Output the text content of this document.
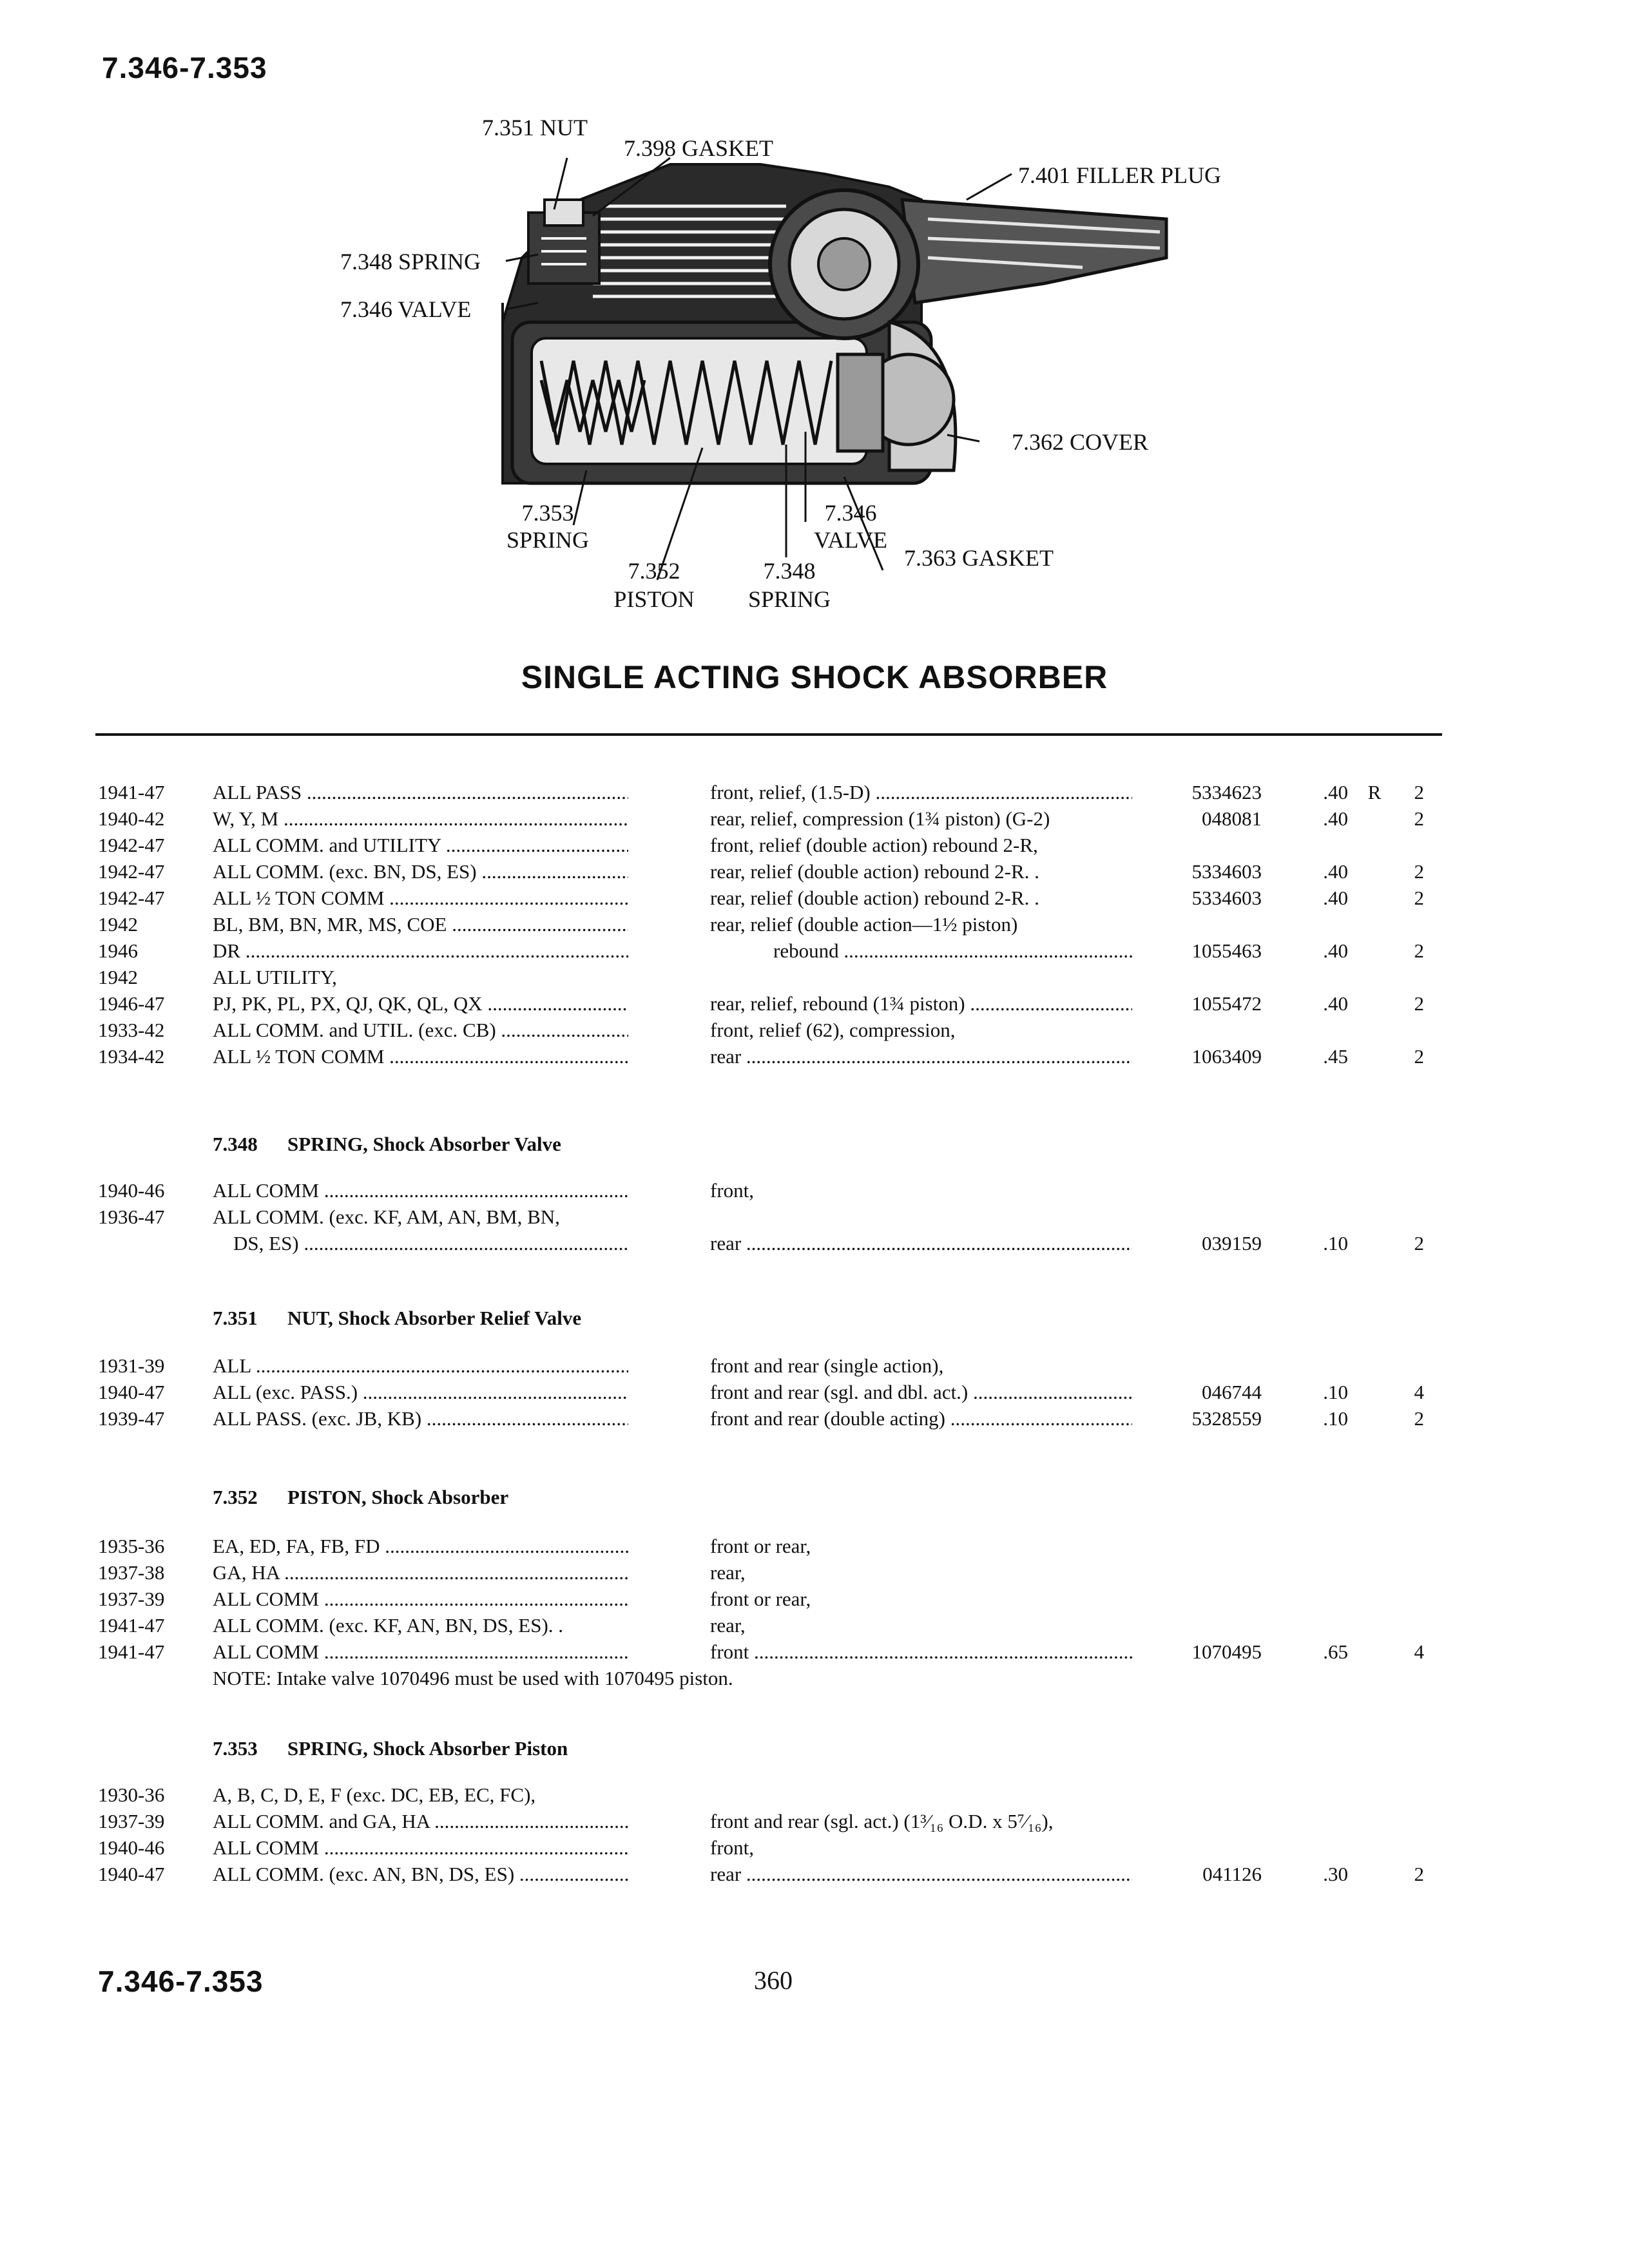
7.346-7.353
7.351 NUT
7.398 GASKET
7.401 FILLER PLUG
7.348 SPRING
7.346 VALVE
7.362 COVER
7.353
SPRING
7.346
VALVE
7.352
PISTON
7.348
SPRING
7.363 GASKET
SINGLE ACTING SHOCK ABSORBER
1941-47	ALL PASS .....	front, relief, (1.5-D) .....	5334623	.40 R	2
1940-42	W, Y, M .....	rear, relief, compression (1¾ piston) (G-2)	048081	.40	2
1942-47	ALL COMM. and UTILITY .....	front, relief (double action) rebound 2-R,
1942-47	ALL COMM. (exc. BN, DS, ES) .....	rear, relief (double action) rebound 2-R. .	5334603	.40	2
1942-47	ALL ½ TON COMM .....	rear, relief (double action) rebound 2-R. .	5334603	.40	2
1942	BL, BM, BN, MR, MS, COE .....	rear, relief (double action—1½ piston)
1946	DR .....	rebound .....	1055463	.40	2
1942	ALL UTILITY,
1946-47	PJ, PK, PL, PX, QJ, QK, QL, QX .....	rear, relief, rebound (1¾ piston) .....	1055472	.40	2
1933-42	ALL COMM. and UTIL. (exc. CB) .....	front, relief (62), compression,
1934-42	ALL ½ TON COMM .....	rear .....	1063409	.45	2
7.348 SPRING, Shock Absorber Valve
1940-46	ALL COMM .....	front,
1936-47	ALL COMM. (exc. KF, AM, AN, BM, BN,
DS, ES) .....	rear .....	039159	.10	2
7.351 NUT, Shock Absorber Relief Valve
1931-39	ALL .....	front and rear (single action),
1940-47	ALL (exc. PASS.) .....	front and rear (sgl. and dbl. act.) .....	046744	.10	4
1939-47	ALL PASS. (exc. JB, KB) .....	front and rear (double acting) .....	5328559	.10	2
7.352 PISTON, Shock Absorber
1935-36	EA, ED, FA, FB, FD .....	front or rear,
1937-38	GA, HA .....	rear,
1937-39	ALL COMM .....	front or rear,
1941-47	ALL COMM. (exc. KF, AN, BN, DS, ES). .	rear,
1941-47	ALL COMM .....	front .....	1070495	.65	4
NOTE: Intake valve 1070496 must be used with 1070495 piston.
7.353 SPRING, Shock Absorber Piston
1930-36	A, B, C, D, E, F (exc. DC, EB, EC, FC),
1937-39	ALL COMM. and GA, HA .....	front and rear (sgl. act.) (1³⁄₁₆ O.D. x 5⁷⁄₁₆),
1940-46	ALL COMM .....	front,
1940-47	ALL COMM. (exc. AN, BN, DS, ES) .....	rear .....	041126	.30	2
7.346-7.353	360
